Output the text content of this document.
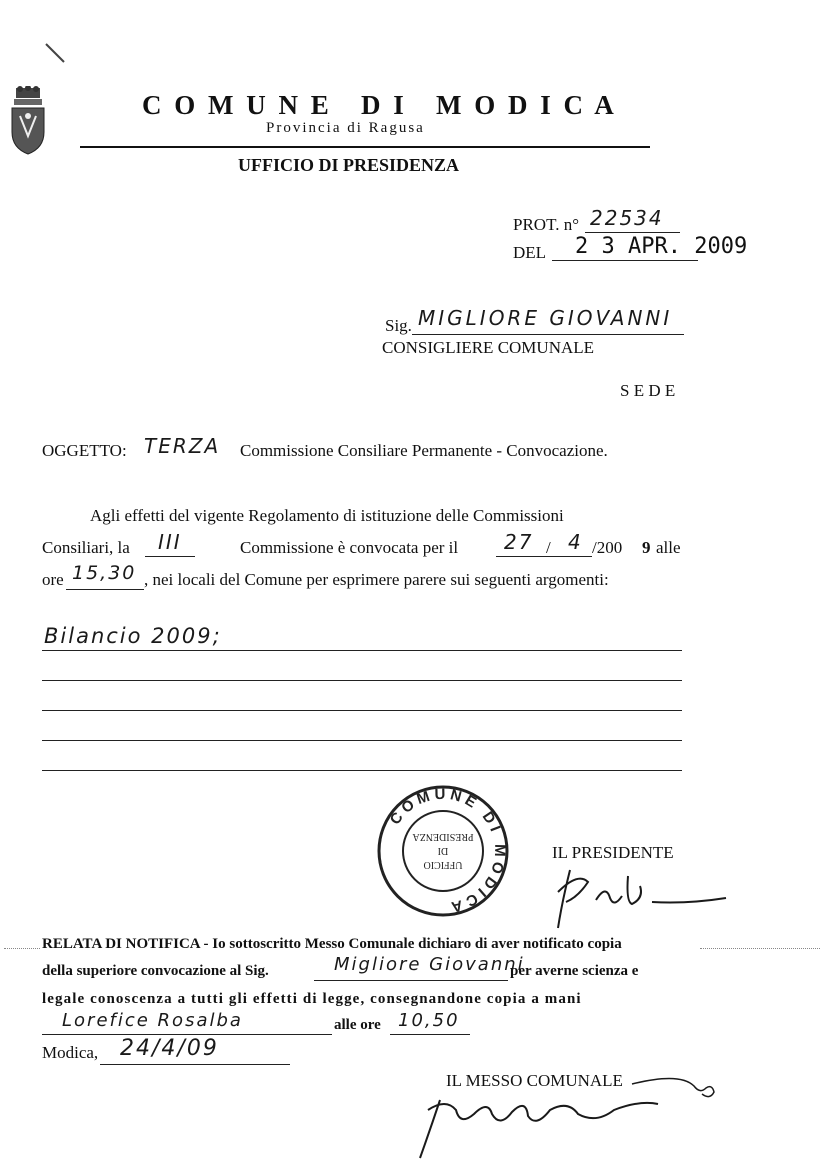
C O M U N E   D I   M O D I C A
Provincia di Ragusa
UFFICIO DI PRESIDENZA
PROT. n° 22534
DEL 2 3 APR. 2009
Sig. MIGLIORE GIOVANNI
CONSIGLIERE COMUNALE
S E D E
OGGETTO: TERZA Commissione Consiliare Permanente - Convocazione.
Agli effetti del vigente Regolamento di istituzione delle Commissioni
Consiliari, la III	Commissione è convocata per il 27 / 4 /200 9 alle
ore 15,30 , nei locali del Comune per esprimere parere sui seguenti argomenti:
Bilancio 2009;
COMUNE DI MODICA
UFFICIO
DI
PRESIDENZA
IL PRESIDENTE
RELATA DI NOTIFICA - Io sottoscritto Messo Comunale dichiaro di aver notificato copia
della superiore convocazione al Sig.	Migliore Giovanni
per averne scienza e
legale conoscenza a tutti gli effetti di legge, consegnandone copia a mani
Lorefice Rosalba	alle ore 10,50
Modica, 24/4/09
IL MESSO COMUNALE
